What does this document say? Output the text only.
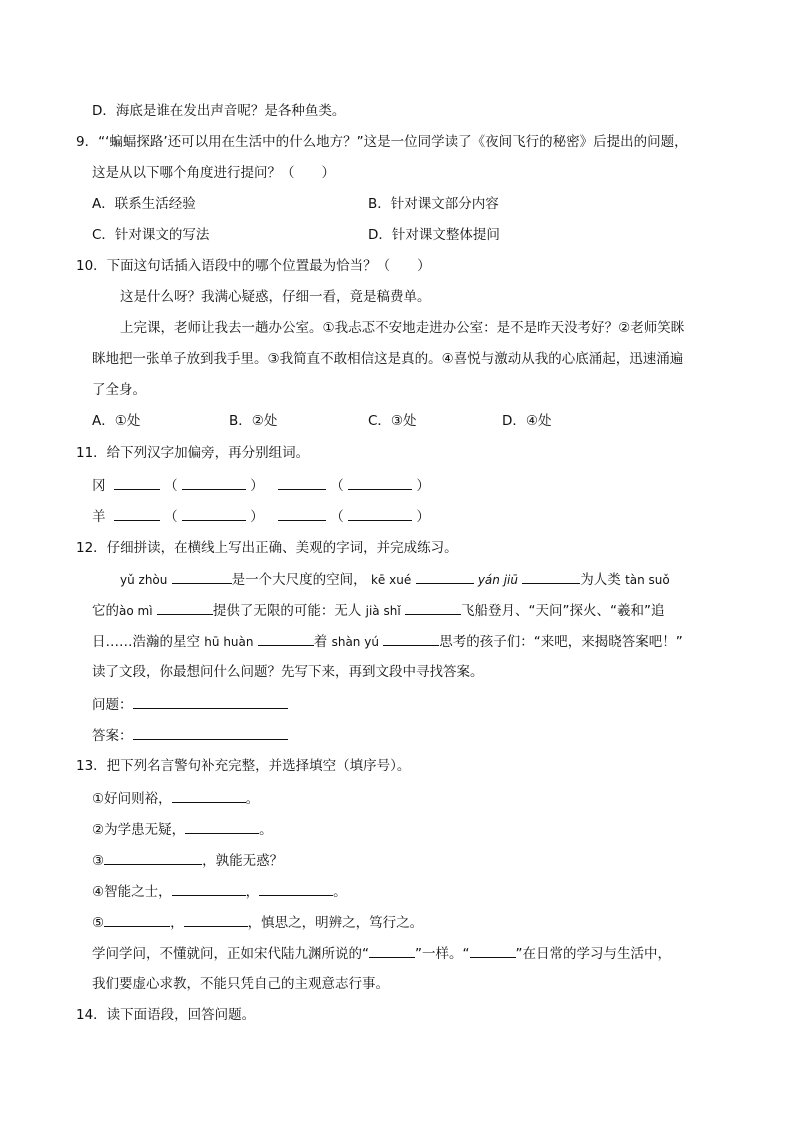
D．海底是谁在发出声音呢？是各种鱼类。
9．“‘蝙蝠探路’还可以用在生活中的什么地方？”这是一位同学读了《夜间飞行的秘密》后提出的问题，
这是从以下哪个角度进行提问？（　　）
A．联系生活经验	B．针对课文部分内容
C．针对课文的写法	D．针对课文整体提问
10．下面这句话插入语段中的哪个位置最为恰当？（　　）
这是什么呀？我满心疑惑，仔细一看，竟是稿费单。
上完课，老师让我去一趟办公室。①我忐忑不安地走进办公室：是不是昨天没考好？②老师笑眯
眯地把一张单子放到我手里。③我简直不敢相信这是真的。④喜悦与激动从我的心底涌起，迅速涌遍
了全身。
A．①处	B．②处	C．③处	D．④处
11．给下列汉字加偏旁，再分别组词。
冈	（	）	（	）
羊	（	）	（	）
12．仔细拼读，在横线上写出正确、美观的字词，并完成练习。
yǔ zhòu	是一个大尺度的空间， kē xué	yán jiū	为人类 tàn suǒ
它的ào mì	提供了无限的可能：无人 jià shǐ	飞船登月、“天问”探火、“羲和”追
日……浩瀚的星空 hū huàn	着 shàn yú	思考的孩子们：“来吧，来揭晓答案吧！”
读了文段，你最想问什么问题？先写下来，再到文段中寻找答案。
问题：
答案：
13．把下列名言警句补充完整，并选择填空（填序号）。
①好问则裕，	。
②为学患无疑，	。
③	，孰能无惑？
④智能之士，	，	。
⑤	，	，慎思之，明辨之，笃行之。
学问学问，不懂就问，正如宋代陆九渊所说的“	”一样。“	”在日常的学习与生活中，
我们要虚心求教，不能只凭自己的主观意志行事。
14．读下面语段，回答问题。
